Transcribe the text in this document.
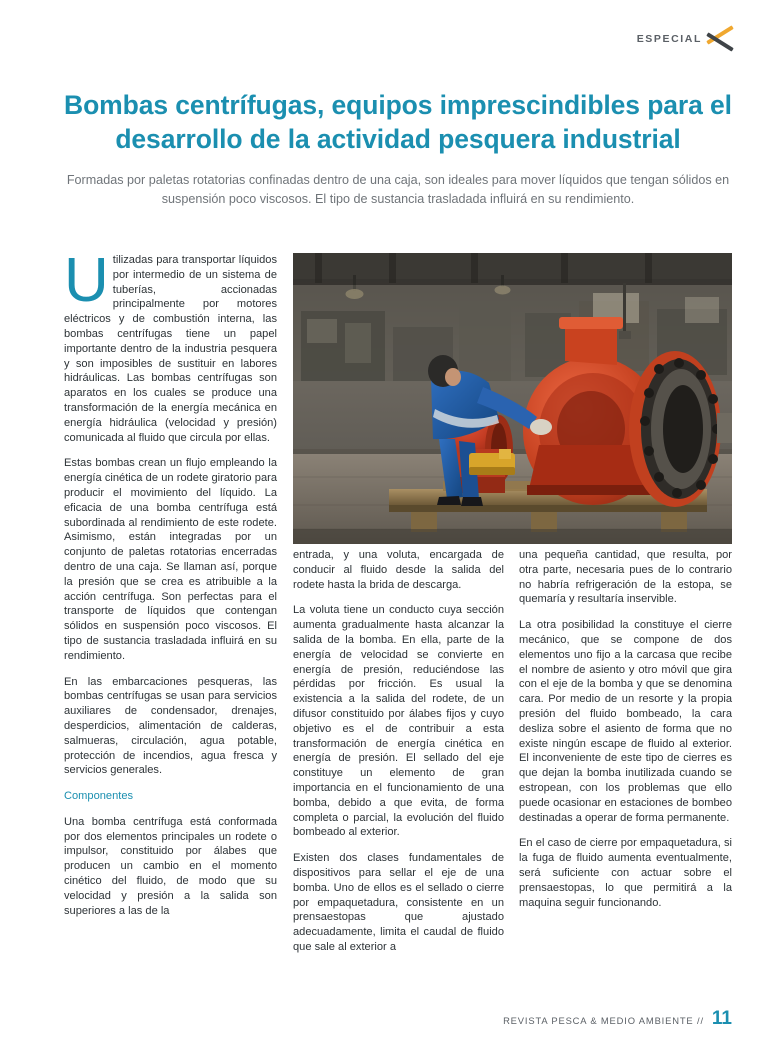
ESPECIAL
Bombas centrífugas, equipos imprescindibles para el desarrollo de la actividad pesquera industrial

Formadas por paletas rotatorias confinadas dentro de una caja, son ideales para mover líquidos que tengan sólidos en suspensión poco viscosos. El tipo de sustancia trasladada influirá en su rendimiento.

Utilizadas para transportar líquidos por intermedio de un sistema de tuberías, accionadas principalmente por motores eléctricos y de combustión interna, las bombas centrífugas tiene un papel importante dentro de la industria pesquera y son imposibles de sustituir en labores hidráulicas. Las bombas centrífugas son aparatos en los cuales se produce una transformación de la energía mecánica en energía hidráulica (velocidad y presión) comunicada al fluido que circula por ellas.

Estas bombas crean un flujo empleando la energía cinética de un rodete giratorio para producir el movimiento del líquido. La eficacia de una bomba centrífuga está subordinada al rendimiento de este rodete. Asimismo, están integradas por un conjunto de paletas rotatorias encerradas dentro de una caja. Se llaman así, porque la presión que se crea es atribuible a la acción centrífuga. Son perfectas para el transporte de líquidos que contengan sólidos en suspensión poco viscosos. El tipo de sustancia trasladada influirá en su rendimiento.

En las embarcaciones pesqueras, las bombas centrífugas se usan para servicios auxiliares de condensador, drenajes, desperdicios, alimentación de calderas, salmueras, circulación, agua potable, protección de incendios, agua fresca y servicios generales.

Componentes

Una bomba centrífuga está conformada por dos elementos principales un rodete o impulsor, constituido por álabes que producen un cambio en el momento cinético del fluido, de modo que su velocidad y presión a la salida son superiores a las de la

entrada, y una voluta, encargada de conducir al fluido desde la salida del rodete hasta la brida de descarga.

La voluta tiene un conducto cuya sección aumenta gradualmente hasta alcanzar la salida de la bomba. En ella, parte de la energía de velocidad se convierte en energía de presión, reduciéndose las pérdidas por fricción. Es usual la existencia a la salida del rodete, de un difusor constituido por álabes fijos y cuyo objetivo es el de contribuir a esta transformación de energía cinética en energía de presión. El sellado del eje constituye un elemento de gran importancia en el funcionamiento de una bomba, debido a que evita, de forma completa o parcial, la evolución del fluido bombeado al exterior.

Existen dos clases fundamentales de dispositivos para sellar el eje de una bomba. Uno de ellos es el sellado o cierre por empaquetadura, consistente en un prensaestopas que ajustado adecuadamente, limita el caudal de fluido que sale al exterior a

una pequeña cantidad, que resulta, por otra parte, necesaria pues de lo contrario no habría refrigeración de la estopa, se quemaría y resultaría inservible.

La otra posibilidad la constituye el cierre mecánico, que se compone de dos elementos uno fijo a la carcasa que recibe el nombre de asiento y otro móvil que gira con el eje de la bomba y que se denomina cara. Por medio de un resorte y la propia presión del fluido bombeado, la cara desliza sobre el asiento de forma que no existe ningún escape de fluido al exterior. El inconveniente de este tipo de cierres es que dejan la bomba inutilizada cuando se estropean, con los problemas que ello puede ocasionar en estaciones de bombeo destinadas a operar de forma permanente.

En el caso de cierre por empaquetadura, si la fuga de fluido aumenta eventualmente, será suficiente con actuar sobre el prensaestopas, lo que permitirá a la maquina seguir funcionando.

REVISTA PESCA & MEDIO AMBIENTE // 11
